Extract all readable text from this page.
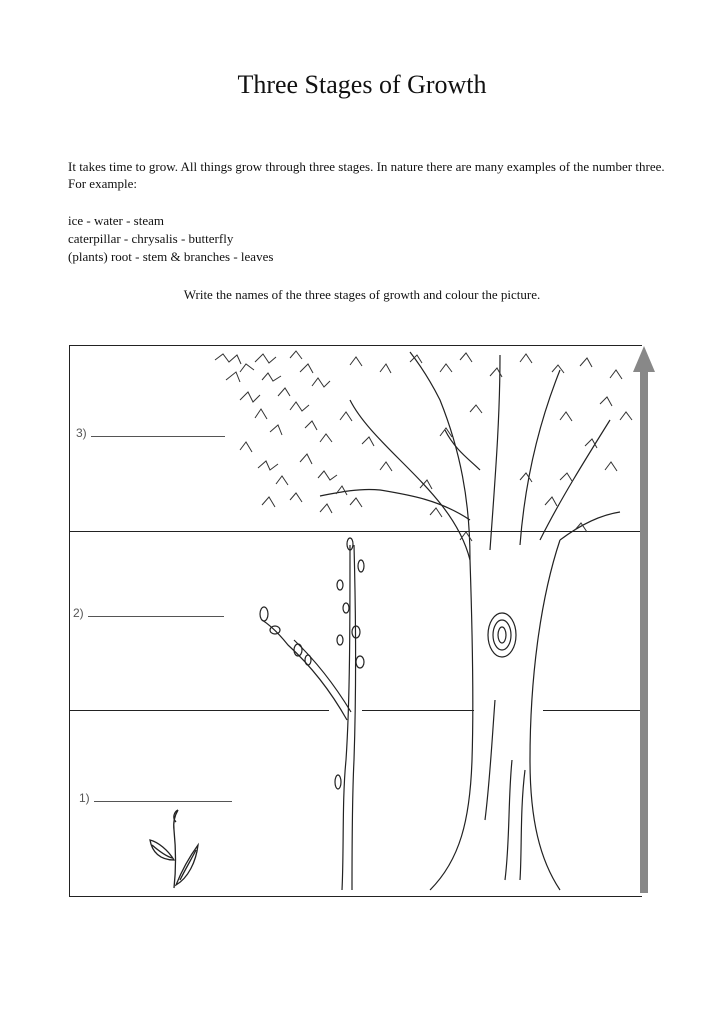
Three Stages of Growth
It takes time to grow. All things grow through three stages. In nature there are many examples of the number three. For example:
ice - water - steam
caterpillar - chrysalis - butterfly
(plants) root - stem & branches - leaves
Write the names of the three stages of growth and colour the picture.
3)
2)
1)
